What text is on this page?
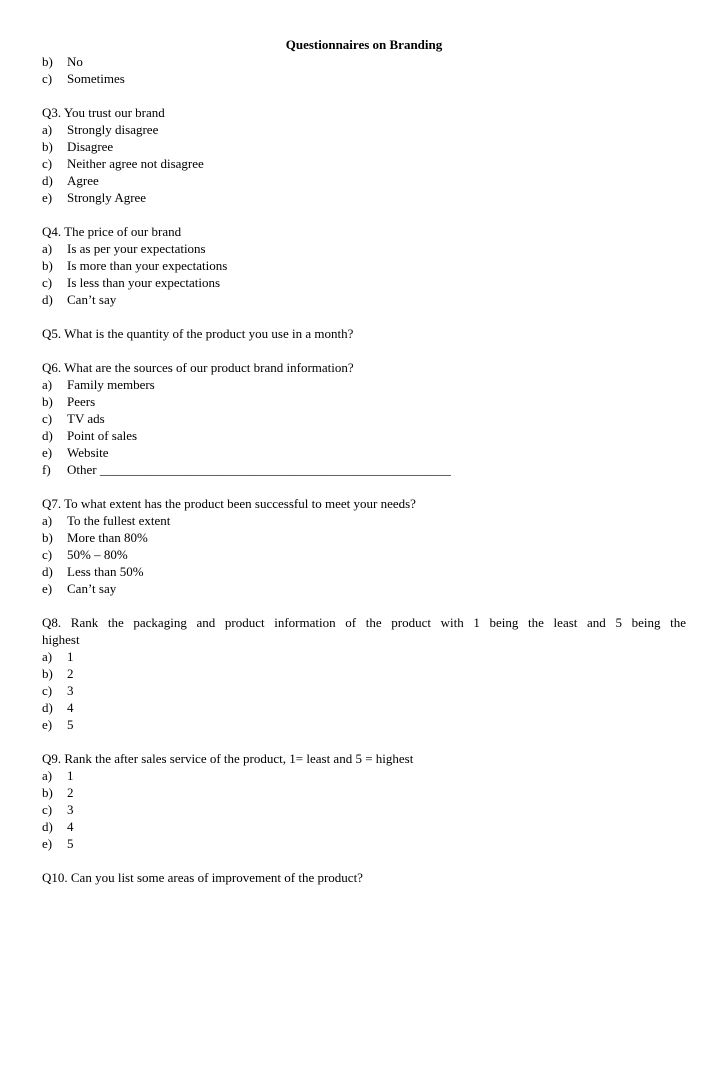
Questionnaires on Branding
b) No
c) Sometimes
Q3. You trust our brand
a) Strongly disagree
b) Disagree
c) Neither agree not disagree
d) Agree
e) Strongly Agree
Q4. The price of our brand
a) Is as per your expectations
b) Is more than your expectations
c) Is less than your expectations
d) Can’t say
Q5. What is the quantity of the product you use in a month?
Q6. What are the sources of our product brand information?
a) Family members
b) Peers
c) TV ads
d) Point of sales
e) Website
f) Other ______________________________________________________
Q7. To what extent has the product been successful to meet your needs?
a) To the fullest extent
b) More than 80%
c) 50% – 80%
d) Less than 50%
e) Can’t say
Q8. Rank the packaging and product information of the product with 1 being the least and 5 being the
highest
a) 1
b) 2
c) 3
d) 4
e) 5
Q9. Rank the after sales service of the product, 1= least and 5 = highest
a) 1
b) 2
c) 3
d) 4
e) 5
Q10. Can you list some areas of improvement of the product?
